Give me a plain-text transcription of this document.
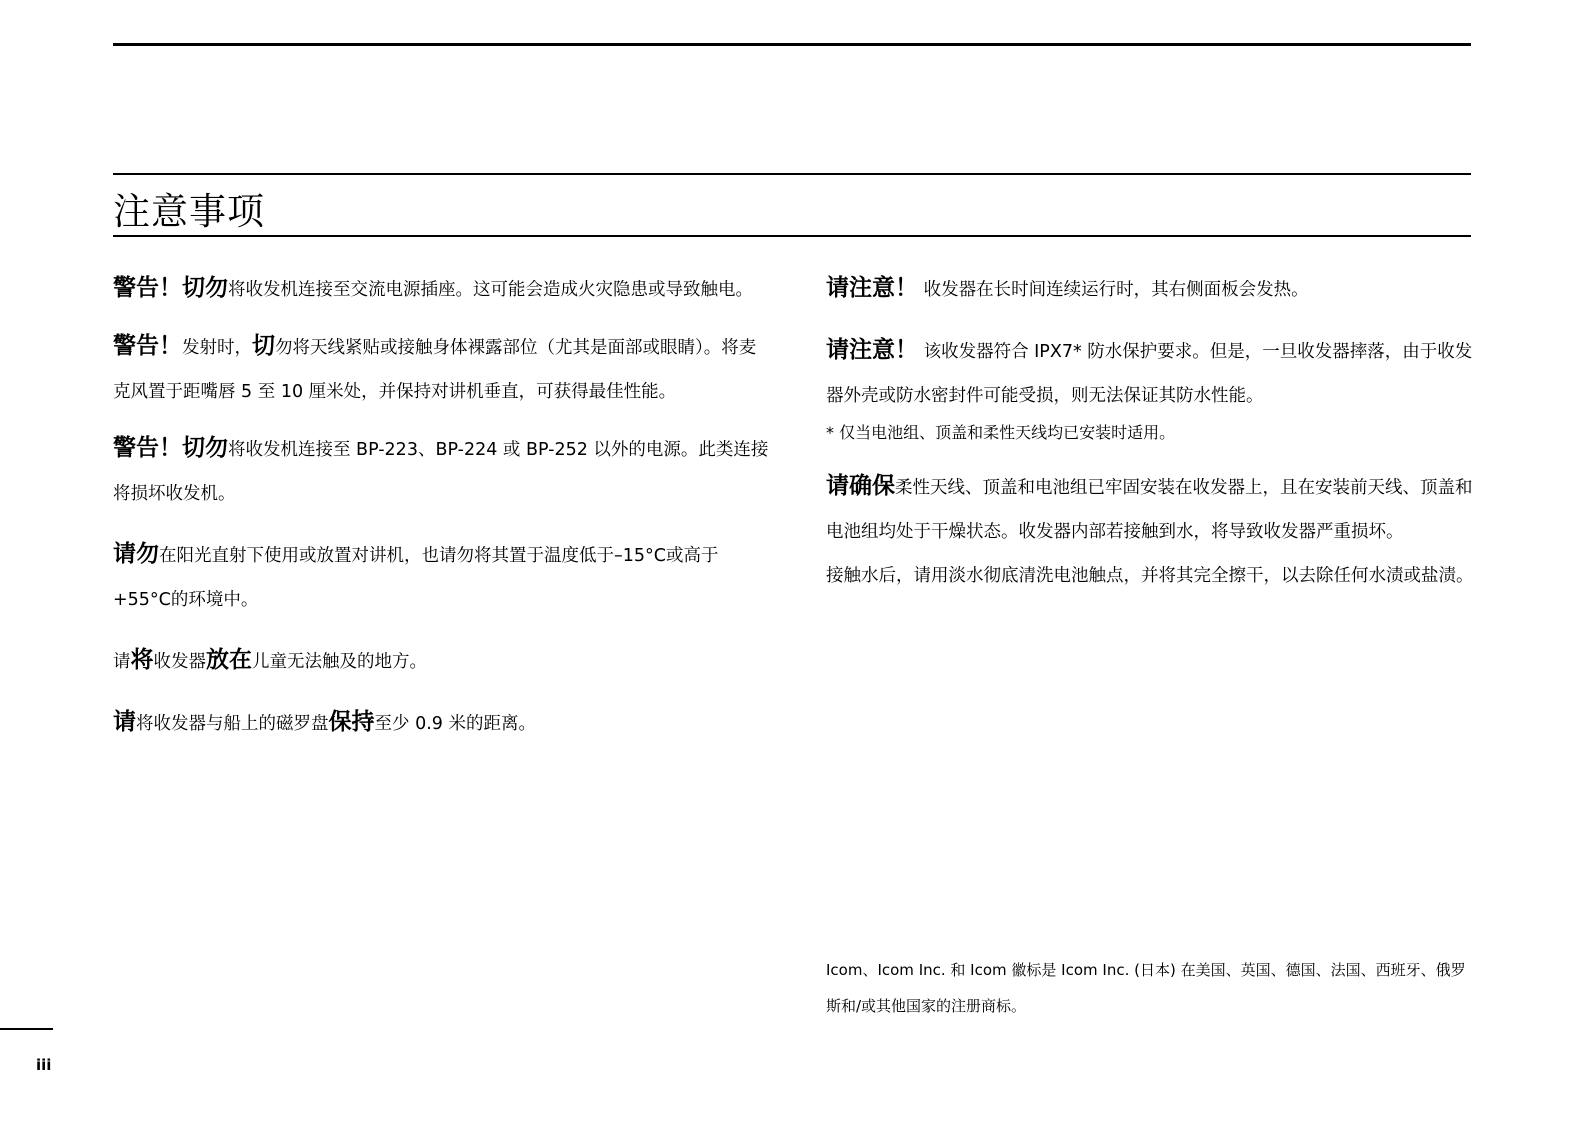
注意事项

警告！切勿将收发机连接至交流电源插座。这可能会造成火灾隐患或导致触电。

警告！发射时，切勿将天线紧贴或接触身体裸露部位（尤其是面部或眼睛）。将麦克风置于距嘴唇 5 至 10 厘米处，并保持对讲机垂直，可获得最佳性能。

警告！切勿将收发机连接至 BP-223、BP-224 或 BP-252 以外的电源。此类连接将损坏收发机。

请勿在阳光直射下使用或放置对讲机，也请勿将其置于温度低于–15°C或高于+55°C的环境中。

请将收发器放在儿童无法触及的地方。

请将收发器与船上的磁罗盘保持至少 0.9 米的距离。

请注意！ 收发器在长时间连续运行时，其右侧面板会发热。

请注意！ 该收发器符合 IPX7* 防水保护要求。但是，一旦收发器摔落，由于收发器外壳或防水密封件可能受损，则无法保证其防水性能。

* 仅当电池组、顶盖和柔性天线均已安装时适用。

请确保柔性天线、顶盖和电池组已牢固安装在收发器上，且在安装前天线、顶盖和电池组均处于干燥状态。收发器内部若接触到水，将导致收发器严重损坏。

接触水后，请用淡水彻底清洗电池触点，并将其完全擦干，以去除任何水渍或盐渍。

Icom、Icom Inc. 和 Icom 徽标是 Icom Inc. (日本) 在美国、英国、德国、法国、西班牙、俄罗斯和/或其他国家的注册商标。

iii
